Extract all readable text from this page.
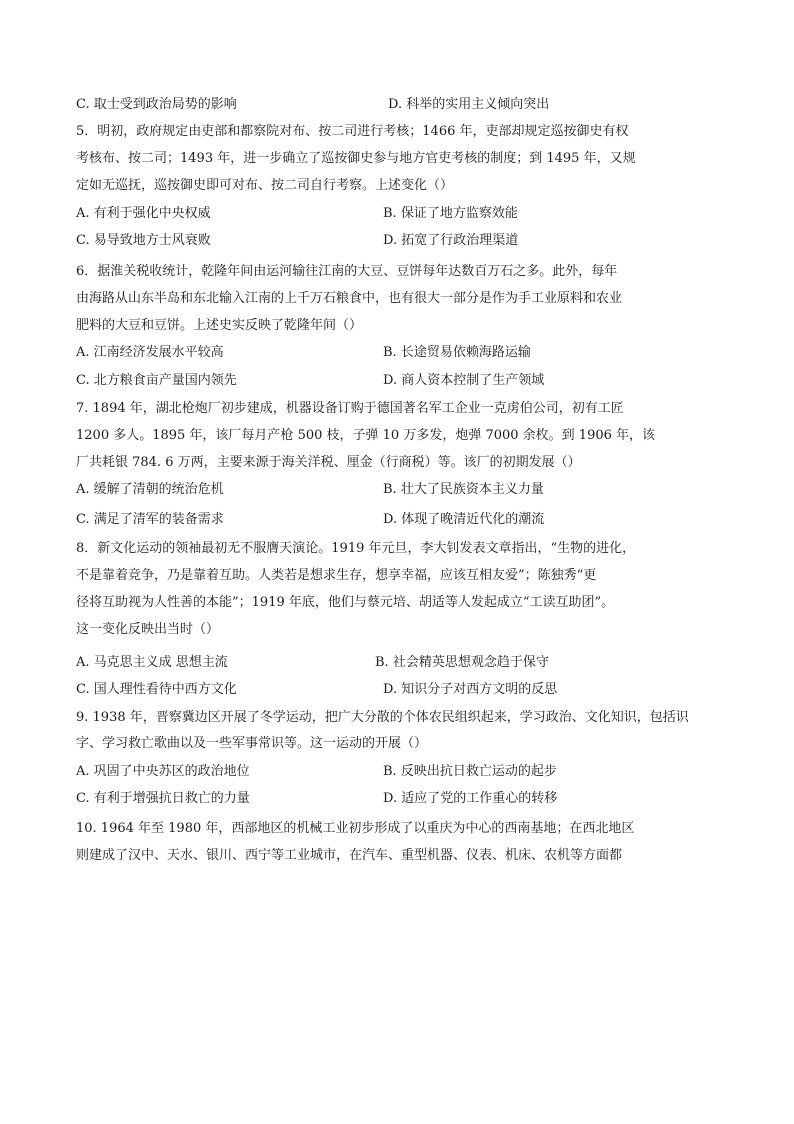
C. 取士受到政治局势的影响	D. 科举的实用主义倾向突出
5．明初，政府规定由吏部和都察院对布、按二司进行考核；1466 年，吏部却规定巡按御史有权
考核布、按二司；1493 年，进一步确立了巡按御史参与地方官吏考核的制度；到 1495 年，又规
定如无巡抚，巡按御史即可对布、按二司自行考察。上述变化（）
A. 有利于强化中央权威	B. 保证了地方监察效能
C. 易导致地方士风衰败	D. 拓宽了行政治理渠道
6．据淮关税收统计，乾隆年间由运河输往江南的大豆、豆饼每年达数百万石之多。此外，每年
由海路从山东半岛和东北输入江南的上千万石粮食中，也有很大一部分是作为手工业原料和农业
肥料的大豆和豆饼。上述史实反映了乾隆年间（）
A. 江南经济发展水平较高	B. 长途贸易依赖海路运输
C. 北方粮食亩产量国内领先	D. 商人资本控制了生产领域
7. 1894 年，湖北枪炮厂初步建成，机器设备订购于德国著名军工企业一克虏伯公司，初有工匠
1200 多人。1895 年，该厂每月产枪 500 枝，子弹 10 万多发，炮弹 7000 余枚。到 1906 年，该
厂共耗银 784. 6 万两，主要来源于海关洋税、厘金（行商税）等。该厂的初期发展（）
A. 缓解了清朝的统治危机	B. 壮大了民族资本主义力量
C. 满足了清军的装备需求	D. 体现了晚清近代化的潮流
8．新文化运动的领袖最初无不服膺天演论。1919 年元旦，李大钊发表文章指出，“生物的进化，
不是靠着竞争，乃是靠着互助。人类若是想求生存，想享幸福，应该互相友爱”；陈独秀“更
径将互助视为人性善的本能”；1919 年底，他们与蔡元培、胡适等人发起成立“工读互助团”。
这一变化反映出当时（）
A. 马克思主义成 思想主流	B. 社会精英思想观念趋于保守
C. 国人理性看待中西方文化	D. 知识分子对西方文明的反思
9. 1938 年，晋察冀边区开展了冬学运动，把广大分散的个体农民组织起来，学习政治、文化知识，包括识
字、学习救亡歌曲以及一些军事常识等。这一运动的开展（）
A. 巩固了中央苏区的政治地位	B. 反映出抗日救亡运动的起步
C. 有利于增强抗日救亡的力量	D. 适应了党的工作重心的转移
10. 1964 年至 1980 年，西部地区的机械工业初步形成了以重庆为中心的西南基地；在西北地区
则建成了汉中、天水、银川、西宁等工业城市，在汽车、重型机器、仪表、机床、农机等方面都
